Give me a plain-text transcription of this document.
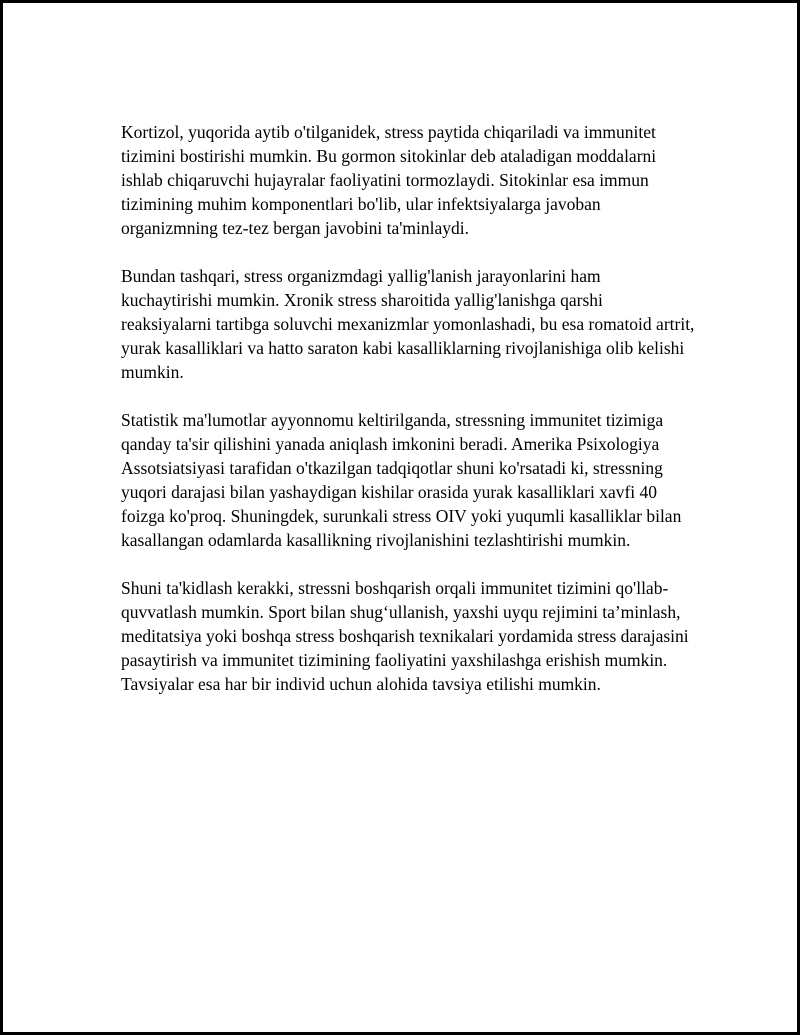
Kortizol, yuqorida aytib o'tilganidek, stress paytida chiqariladi va immunitet tizimini bostirishi mumkin. Bu gormon sitokinlar deb ataladigan moddalarni ishlab chiqaruvchi hujayralar faoliyatini tormozlaydi. Sitokinlar esa immun tizimining muhim komponentlari bo'lib, ular infektsiyalarga javoban organizmning tez-tez bergan javobini ta'minlaydi.

Bundan tashqari, stress organizmdagi yallig'lanish jarayonlarini ham kuchaytirishi mumkin. Xronik stress sharoitida yallig'lanishga qarshi reaksiyalarni tartibga soluvchi mexanizmlar yomonlashadi, bu esa romatoid artrit, yurak kasalliklari va hatto saraton kabi kasalliklarning rivojlanishiga olib kelishi mumkin.

Statistik ma'lumotlar ayyonnomu keltirilganda, stressning immunitet tizimiga qanday ta'sir qilishini yanada aniqlash imkonini beradi. Amerika Psixologiya Assotsiatsiyasi tarafidan o'tkazilgan tadqiqotlar shuni ko'rsatadi ki, stressning yuqori darajasi bilan yashaydigan kishilar orasida yurak kasalliklari xavfi 40 foizga ko'proq. Shuningdek, surunkali stress OIV yoki yuqumli kasalliklar bilan kasallangan odamlarda kasallikning rivojlanishini tezlashtirishi mumkin.

Shuni ta'kidlash kerakki, stressni boshqarish orqali immunitet tizimini qo'llab-quvvatlash mumkin. Sport bilan shug‘ullanish, yaxshi uyqu rejimini ta’minlash, meditatsiya yoki boshqa stress boshqarish texnikalari yordamida stress darajasini pasaytirish va immunitet tizimining faoliyatini yaxshilashga erishish mumkin. Tavsiyalar esa har bir individ uchun alohida tavsiya etilishi mumkin.
